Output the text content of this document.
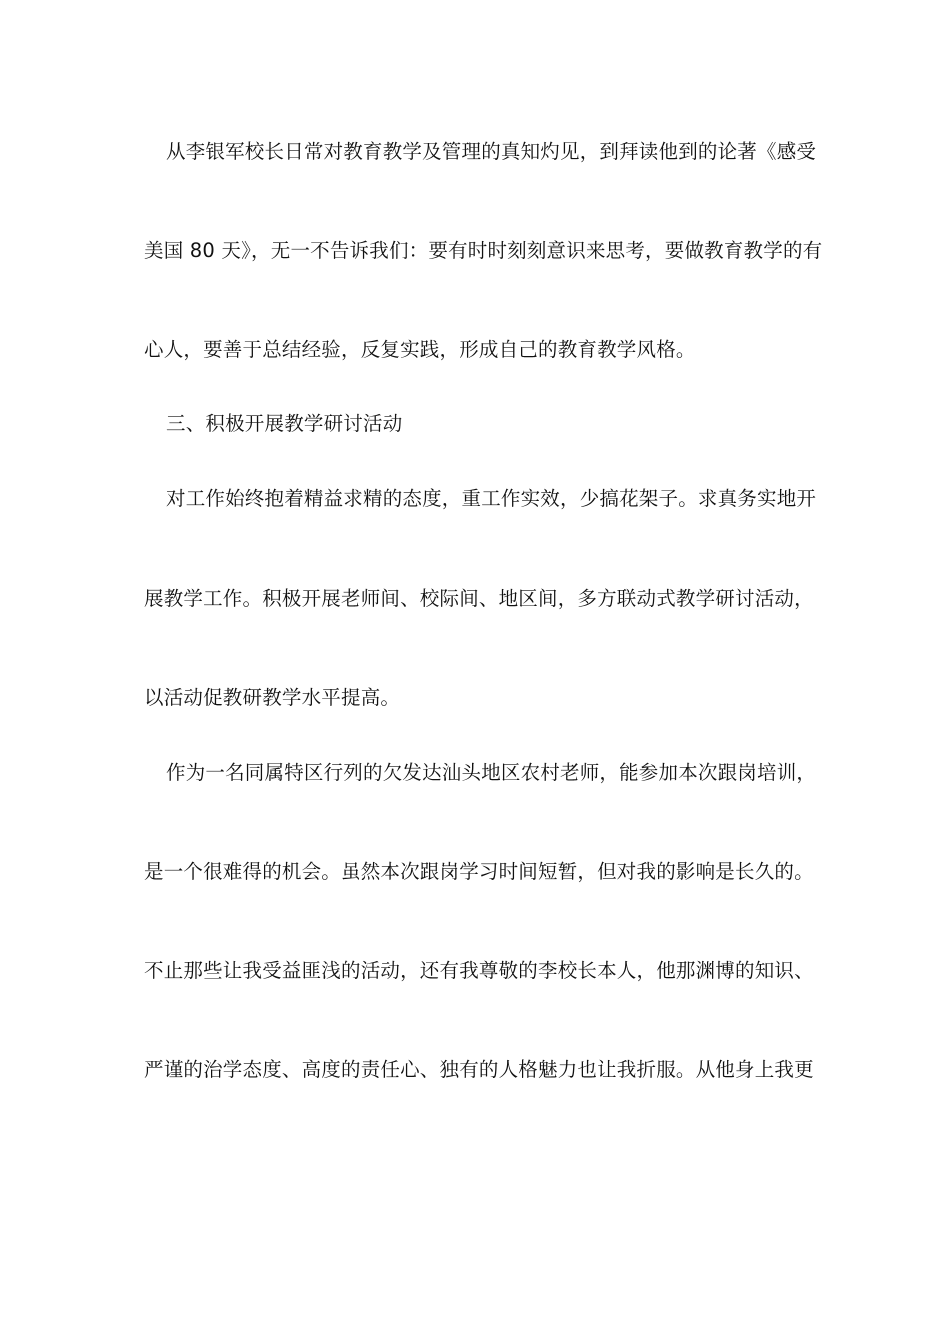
从李银军校长日常对教育教学及管理的真知灼见，到拜读他到的论著《感受
美国 80 天》，无一不告诉我们：要有时时刻刻意识来思考，要做教育教学的有
心人，要善于总结经验，反复实践，形成自己的教育教学风格。
三、积极开展教学研讨活动
对工作始终抱着精益求精的态度，重工作实效，少搞花架子。求真务实地开
展教学工作。积极开展老师间、校际间、地区间，多方联动式教学研讨活动，
以活动促教研教学水平提高。
作为一名同属特区行列的欠发达汕头地区农村老师，能参加本次跟岗培训，
是一个很难得的机会。虽然本次跟岗学习时间短暂，但对我的影响是长久的。
不止那些让我受益匪浅的活动，还有我尊敬的李校长本人，他那渊博的知识、
严谨的治学态度、高度的责任心、独有的人格魅力也让我折服。从他身上我更
